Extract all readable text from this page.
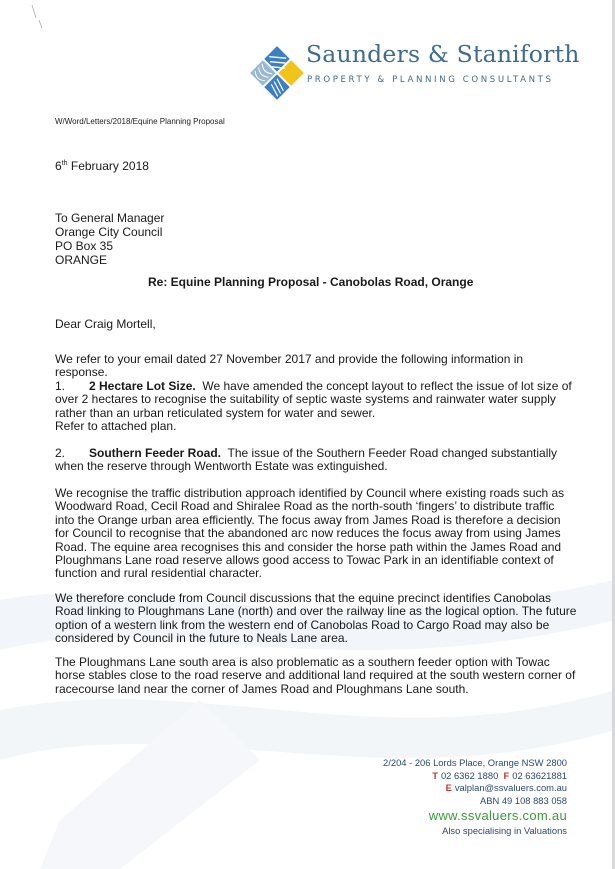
Saunders & Staniforth
PROPERTY & PLANNING CONSULTANTS
W/Word/Letters/2018/Equine Planning Proposal
6th February 2018
To General Manager
Orange City Council
PO Box 35
ORANGE
Re: Equine Planning Proposal - Canobolas Road, Orange
Dear Craig Mortell,
We refer to your email dated 27 November 2017 and provide the following information in response.
1. 2 Hectare Lot Size. We have amended the concept layout to reflect the issue of lot size of over 2 hectares to recognise the suitability of septic waste systems and rainwater water supply rather than an urban reticulated system for water and sewer.
Refer to attached plan.
2. Southern Feeder Road. The issue of the Southern Feeder Road changed substantially when the reserve through Wentworth Estate was extinguished.
We recognise the traffic distribution approach identified by Council where existing roads such as Woodward Road, Cecil Road and Shiralee Road as the north-south ‘fingers’ to distribute traffic into the Orange urban area efficiently. The focus away from James Road is therefore a decision for Council to recognise that the abandoned arc now reduces the focus away from using James Road. The equine area recognises this and consider the horse path within the James Road and Ploughmans Lane road reserve allows good access to Towac Park in an identifiable context of function and rural residential character.
We therefore conclude from Council discussions that the equine precinct identifies Canobolas Road linking to Ploughmans Lane (north) and over the railway line as the logical option. The future option of a western link from the western end of Canobolas Road to Cargo Road may also be considered by Council in the future to Neals Lane area.
The Ploughmans Lane south area is also problematic as a southern feeder option with Towac horse stables close to the road reserve and additional land required at the south western corner of racecourse land near the corner of James Road and Ploughmans Lane south.
2/204 - 206 Lords Place, Orange NSW 2800
T 02 6362 1880 F 02 63621881
E valplan@ssvaluers.com.au
ABN 49 108 883 058
www.ssvaluers.com.au
Also specialising in Valuations
